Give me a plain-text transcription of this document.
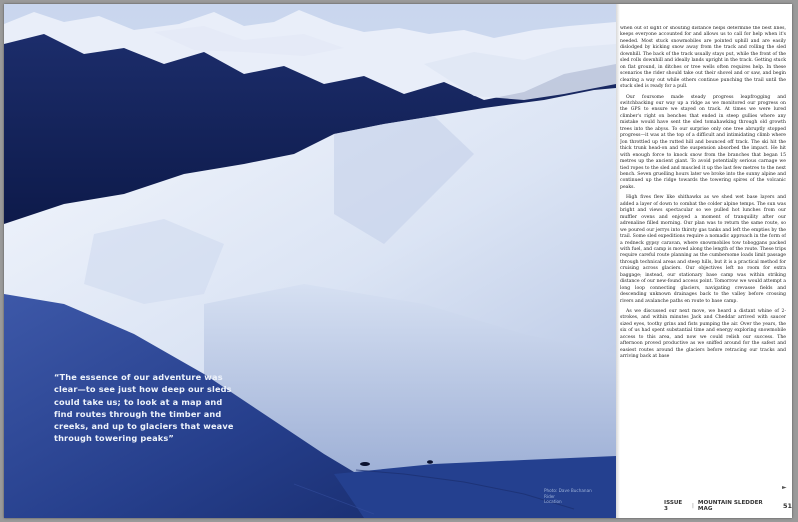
“The essence of our adventure was clear—to see just how deep our sleds could take us; to look at a map and find routes through the timber and creeks, and up to glaciers that weave through towering peaks”

Photo: Dave Buchanan
Rider
Location

when out of sight or shouting distance helps determine the best lines, keeps everyone accounted for and allows us to call for help when it's needed. Most stuck snowmobiles are pointed uphill and are easily dislodged by kicking snow away from the track and rolling the sled downhill. The back of the track usually stays put, while the front of the sled rolls downhill and ideally lands upright in the track. Getting stuck on flat ground, in ditches or tree wells often requires help. In these scenarios the rider should take out their shovel and or saw, and begin clearing a way out while others continue punching the trail until the stuck sled is ready for a pull.

Our foursome made steady progress leapfrogging and switchbacking our way up a ridge as we monitored our progress on the GPS to ensure we stayed on track. At times we were lured climber's right on benches that ended in steep gullies where any mistake would have sent the sled tomahawking through old growth trees into the abyss. To our surprise only one tree abruptly stopped progress—it was at the top of a difficult and intimidating climb where Jon throttled up the rutted hill and bounced off track. The ski hit the thick trunk head-on and the suspension absorbed the impact. He hit with enough force to knock snow from the branches that began 15 metres up the ancient giant. To avoid potentially serious carnage we tied ropes to the sled and muscled it up the last few metres to the next bench. Seven gruelling hours later we broke into the sunny alpine and continued up the ridge towards the towering spires of the volcanic peaks.

High fives flew like shithawks as we shed wet base layers and added a layer of down to combat the colder alpine temps. The sun was bright and views spectacular so we pulled hot lunches from our muffler ovens and enjoyed a moment of tranquility after our adrenaline filled morning. Our plan was to return the same route, so we poured our jerrys into thirsty gas tanks and left the empties by the trail. Some sled expeditions require a nomadic approach in the form of a redneck gypsy caravan, where snowmobiles tow toboggans packed with fuel, and camp is moved along the length of the route. These trips require careful route planning as the cumbersome loads limit passage through technical areas and steep hills, but it is a practical method for cruising across glaciers. Our objectives left no room for extra baggage; instead, our stationary base camp was within striking distance of our new-found access point. Tomorrow we would attempt a long loop connecting glaciers, navigating crevasse fields and descending unknown drainages back to the valley before crossing rivers and avalanche paths en route to base camp.

As we discussed our next move, we heard a distant whine of 2-strokes, and within minutes Jack and Cheddar arrived with saucer sized eyes, toothy grins and fists pumping the air. Over the years, the six of us had spent substantial time and energy exploring snowmobile access to this area, and now we could relish our success. The afternoon proved productive as we sniffed around for the safest and easiest routes around the glaciers before retracing our tracks and arriving back at base

►
ISSUE 3	| MOUNTAIN SLEDDER MAG	51
